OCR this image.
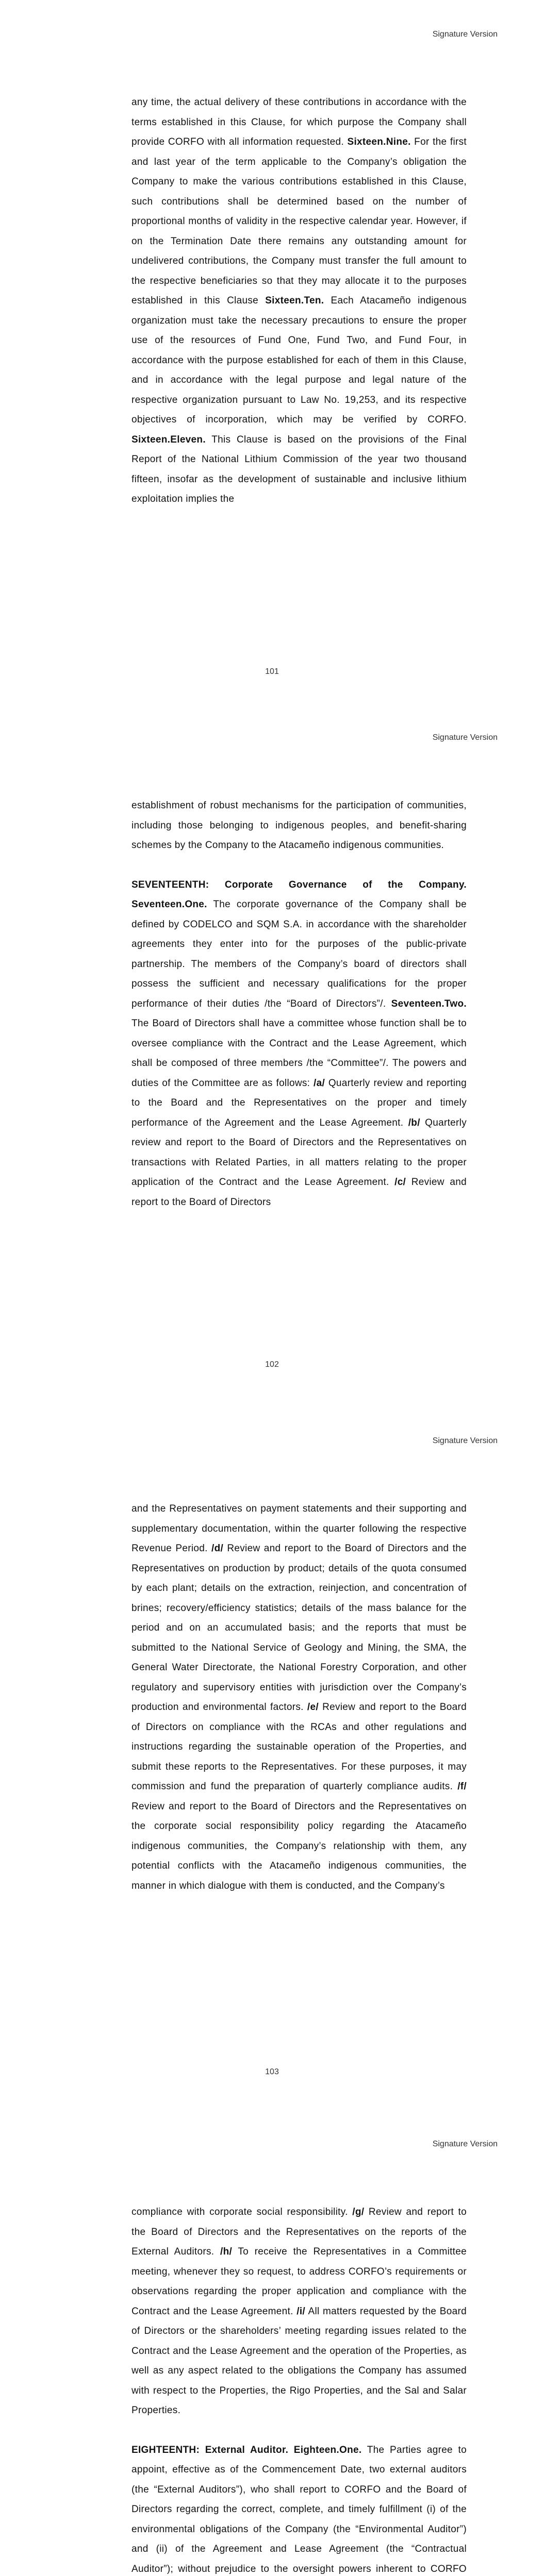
Signature Version

any time, the actual delivery of these contributions in accordance with the terms established in this Clause, for which purpose the Company shall provide CORFO with all information requested. Sixteen.Nine. For the first and last year of the term applicable to the Company’s obligation the Company to make the various contributions established in this Clause, such contributions shall be determined based on the number of proportional months of validity in the respective calendar year. However, if on the Termination Date there remains any outstanding amount for undelivered contributions, the Company must transfer the full amount to the respective beneficiaries so that they may allocate it to the purposes established in this Clause Sixteen.Ten. Each Atacameño indigenous organization must take the necessary precautions to ensure the proper use of the resources of Fund One, Fund Two, and Fund Four, in accordance with the purpose established for each of them in this Clause, and in accordance with the legal purpose and legal nature of the respective organization pursuant to Law No. 19,253, and its respective objectives of incorporation, which may be verified by CORFO. Sixteen.Eleven. This Clause is based on the provisions of the Final Report of the National Lithium Commission of the year two thousand fifteen, insofar as the development of sustainable and inclusive lithium exploitation implies the

101
Signature Version

establishment of robust mechanisms for the participation of communities, including those belonging to indigenous peoples, and benefit-sharing schemes by the Company to the Atacameño indigenous communities.

SEVENTEENTH: Corporate Governance of the Company. Seventeen.One. The corporate governance of the Company shall be defined by CODELCO and SQM S.A. in accordance with the shareholder agreements they enter into for the purposes of the public-private partnership. The members of the Company’s board of directors shall possess the sufficient and necessary qualifications for the proper performance of their duties /the “Board of Directors”/. Seventeen.Two. The Board of Directors shall have a committee whose function shall be to oversee compliance with the Contract and the Lease Agreement, which shall be composed of three members /the “Committee”/. The powers and duties of the Committee are as follows: /a/ Quarterly review and reporting to the Board and the Representatives on the proper and timely performance of the Agreement and the Lease Agreement. /b/ Quarterly review and report to the Board of Directors and the Representatives on transactions with Related Parties, in all matters relating to the proper application of the Contract and the Lease Agreement. /c/ Review and report to the Board of Directors

102
Signature Version

and the Representatives on payment statements and their supporting and supplementary documentation, within the quarter following the respective Revenue Period. /d/ Review and report to the Board of Directors and the Representatives on production by product; details of the quota consumed by each plant; details on the extraction, reinjection, and concentration of brines; recovery/efficiency statistics; details of the mass balance for the period and on an accumulated basis; and the reports that must be submitted to the National Service of Geology and Mining, the SMA, the General Water Directorate, the National Forestry Corporation, and other regulatory and supervisory entities with jurisdiction over the Company’s production and environmental factors. /e/ Review and report to the Board of Directors on compliance with the RCAs and other regulations and instructions regarding the sustainable operation of the Properties, and submit these reports to the Representatives. For these purposes, it may commission and fund the preparation of quarterly compliance audits. /f/ Review and report to the Board of Directors and the Representatives on the corporate social responsibility policy regarding the Atacameño indigenous communities, the Company’s relationship with them, any potential conflicts with the Atacameño indigenous communities, the manner in which dialogue with them is conducted, and the Company’s

103
Signature Version

compliance with corporate social responsibility. /g/ Review and report to the Board of Directors and the Representatives on the reports of the External Auditors. /h/ To receive the Representatives in a Committee meeting, whenever they so request, to address CORFO’s requirements or observations regarding the proper application and compliance with the Contract and the Lease Agreement. /i/ All matters requested by the Board of Directors or the shareholders’ meeting regarding issues related to the Contract and the Lease Agreement and the operation of the Properties, as well as any aspect related to the obligations the Company has assumed with respect to the Properties, the Rigo Properties, and the Sal and Salar Properties.

EIGHTEENTH: External Auditor. Eighteen.One. The Parties agree to appoint, effective as of the Commencement Date, two external auditors (the “External Auditors”), who shall report to CORFO and the Board of Directors regarding the correct, complete, and timely fulfillment (i) of the environmental obligations of the Company (the “Environmental Auditor”) and (ii) of the Agreement and Lease Agreement (the “Contractual Auditor”); without prejudice to the oversight powers inherent to CORFO
